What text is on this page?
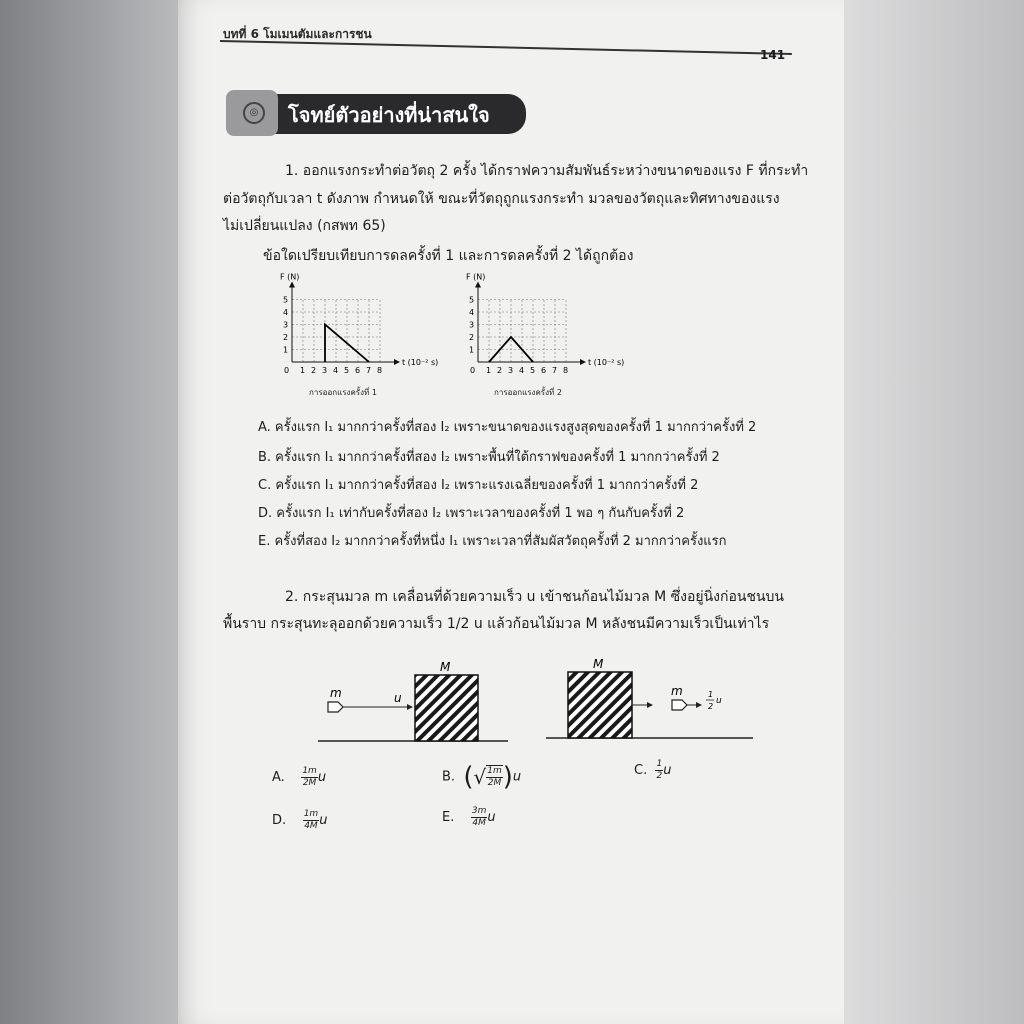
บทที่ 6 โมเมนตัมและการชน
141
◎	โจทย์ตัวอย่างที่น่าสนใจ
1. ออกแรงกระทำต่อวัตถุ 2 ครั้ง ได้กราฟความสัมพันธ์ระหว่างขนาดของแรง F ที่กระทำ
ต่อวัตถุกับเวลา t ดังภาพ กำหนดให้ ขณะที่วัตถุถูกแรงกระทำ มวลของวัตถุและทิศทางของแรง
ไม่เปลี่ยนแปลง (กสพท 65)
ข้อใดเปรียบเทียบการดลครั้งที่ 1 และการดลครั้งที่ 2 ได้ถูกต้อง
0 1 2 3 4 5 6 7 8
1
2
3
4
5
F (N)
t (10⁻² s)
การออกแรงครั้งที่ 1
0 1 2 3 4 5 6 7 8
1
2
3
4
5
F (N)
t (10⁻² s)
การออกแรงครั้งที่ 2
A. ครั้งแรก I₁ มากกว่าครั้งที่สอง I₂ เพราะขนาดของแรงสูงสุดของครั้งที่ 1 มากกว่าครั้งที่ 2
B. ครั้งแรก I₁ มากกว่าครั้งที่สอง I₂ เพราะพื้นที่ใต้กราฟของครั้งที่ 1 มากกว่าครั้งที่ 2
C. ครั้งแรก I₁ มากกว่าครั้งที่สอง I₂ เพราะแรงเฉลี่ยของครั้งที่ 1 มากกว่าครั้งที่ 2
D. ครั้งแรก I₁ เท่ากับครั้งที่สอง I₂ เพราะเวลาของครั้งที่ 1 พอ ๆ กันกับครั้งที่ 2
E. ครั้งที่สอง I₂ มากกว่าครั้งที่หนึ่ง I₁ เพราะเวลาที่สัมผัสวัตถุครั้งที่ 2 มากกว่าครั้งแรก
2. กระสุนมวล m เคลื่อนที่ด้วยความเร็ว u เข้าชนก้อนไม้มวล M ซึ่งอยู่นิ่งก่อนชนบน
พื้นราบ กระสุนทะลุออกด้วยความเร็ว 1/2 u แล้วก้อนไม้มวล M หลังชนมีความเร็วเป็นเท่าไร
M
m	u
M
m	1
2
u
A. $\frac{1m}{2M}$ u	B. (√ $\frac{1m}{2M} )u$	C. $\frac{1}{2}$ u
D. $\frac{1m}{4M}$ u	E. $\frac{3m}{4M}$ u
